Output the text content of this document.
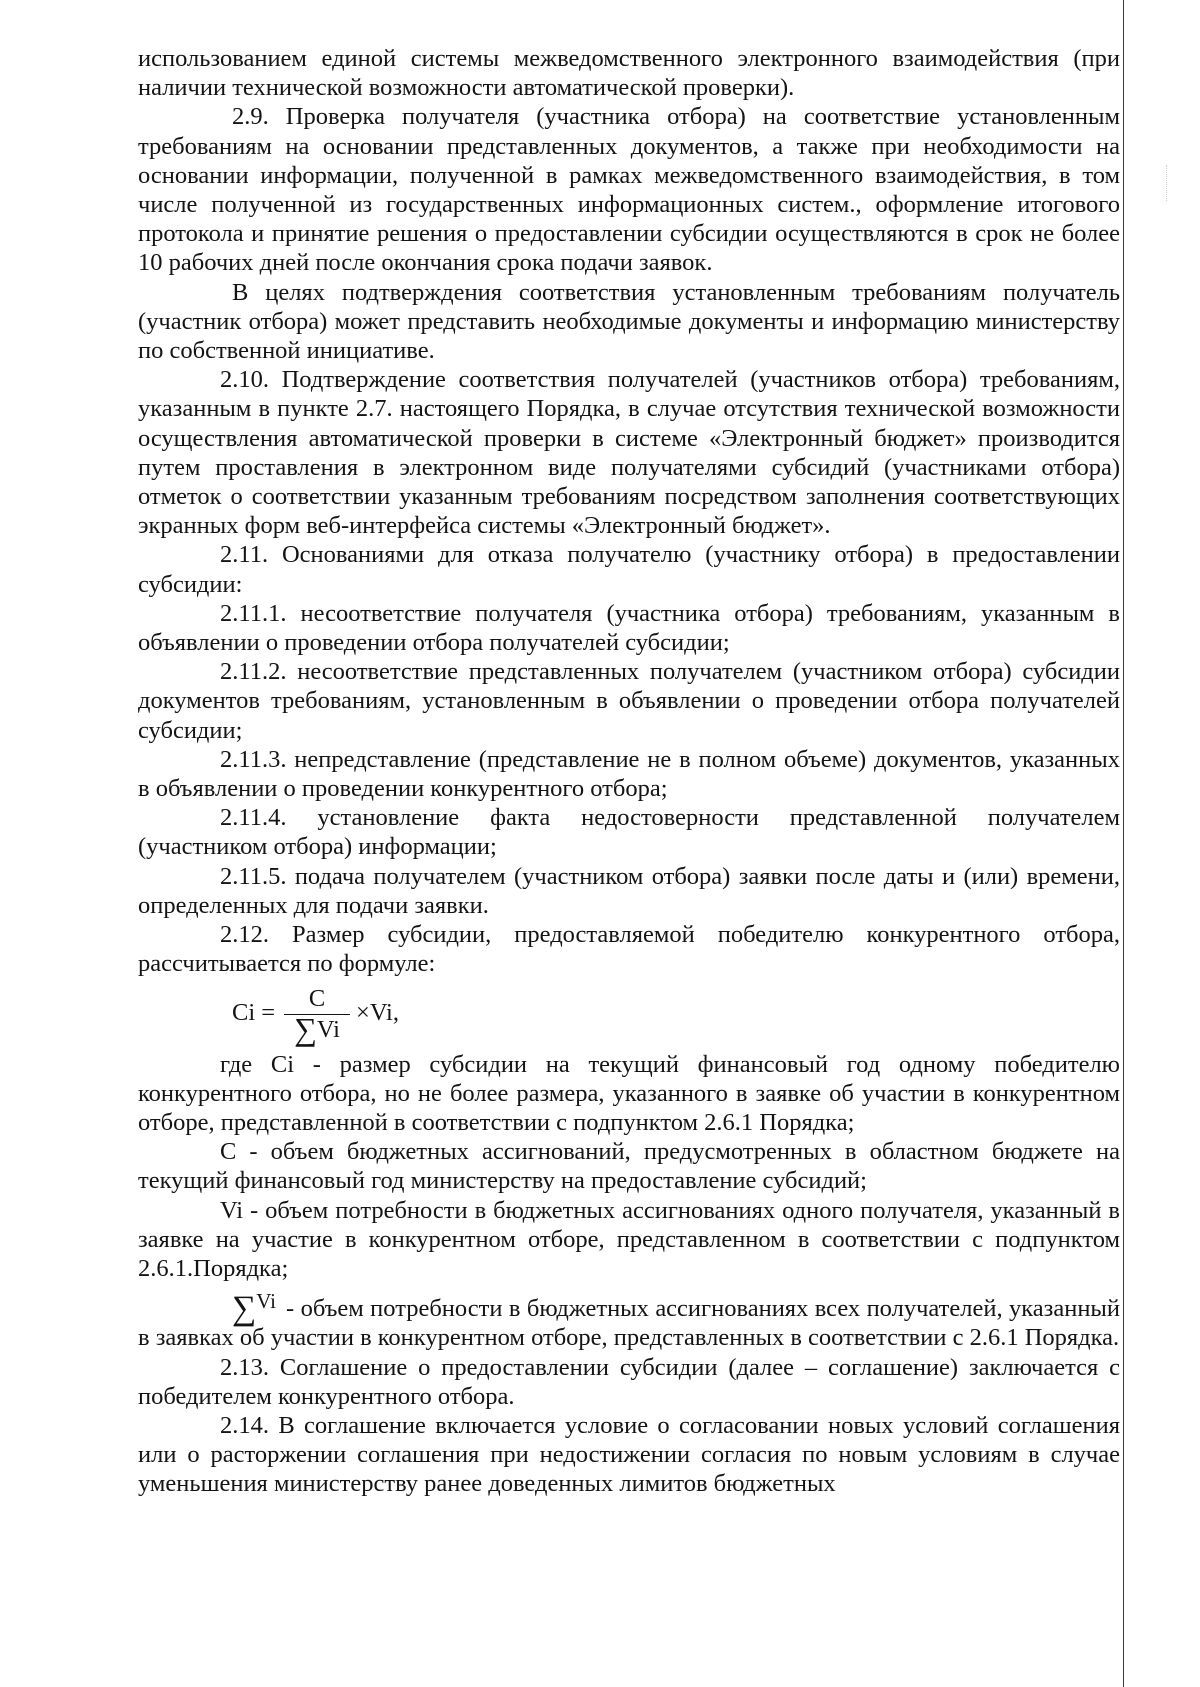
использованием единой системы межведомственного электронного взаимодействия (при наличии технической возможности автоматической проверки).

2.9. Проверка получателя (участника отбора) на соответствие установленным требованиям на основании представленных документов, а также при необходимости на основании информации, полученной в рамках межведомственного взаимодействия, в том числе полученной из государственных информационных систем., оформление итогового протокола и принятие решения о предоставлении субсидии осуществляются в срок не более 10 рабочих дней после окончания срока подачи заявок.

В целях подтверждения соответствия установленным требованиям получатель (участник отбора) может представить необходимые документы и информацию министерству по собственной инициативе.

2.10. Подтверждение соответствия получателей (участников отбора) требованиям, указанным в пункте 2.7. настоящего Порядка, в случае отсутствия технической возможности осуществления автоматической проверки в системе «Электронный бюджет» производится путем проставления в электронном виде получателями субсидий (участниками отбора) отметок о соответствии указанным требованиям посредством заполнения соответствующих экранных форм веб-интерфейса системы «Электронный бюджет».

2.11. Основаниями для отказа получателю (участнику отбора) в предоставлении субсидии:

2.11.1. несоответствие получателя (участника отбора) требованиям, указанным в объявлении о проведении отбора получателей субсидии;

2.11.2. несоответствие представленных получателем (участником отбора) субсидии документов требованиям, установленным в объявлении о проведении отбора получателей субсидии;

2.11.3. непредставление (представление не в полном объеме) документов, указанных в объявлении о проведении конкурентного отбора;

2.11.4. установление факта недостоверности представленной получателем (участником отбора) информации;

2.11.5. подача получателем (участником отбора) заявки после даты и (или) времени, определенных для подачи заявки.

2.12. Размер субсидии, предоставляемой победителю конкурентного отбора, рассчитывается по формуле:

$Ci = \frac{C}{\sum Vi} \times Vi$,

где Ci - размер субсидии на текущий финансовый год одному победителю конкурентного отбора, но не более размера, указанного в заявке об участии в конкурентном отборе, представленной в соответствии с подпунктом 2.6.1 Порядка;

С - объем бюджетных ассигнований, предусмотренных в областном бюджете на текущий финансовый год министерству на предоставление субсидий;

Vi - объем потребности в бюджетных ассигнованиях одного получателя, указанный в заявке на участие в конкурентном отборе, представленном в соответствии с подпунктом 2.6.1.Порядка;

∑Vi - объем потребности в бюджетных ассигнованиях всех получателей, указанный в заявках об участии в конкурентном отборе, представленных в соответствии с 2.6.1 Порядка.

2.13. Соглашение о предоставлении субсидии (далее – соглашение) заключается с победителем конкурентного отбора.

2.14. В соглашение включается условие о согласовании новых условий соглашения или о расторжении соглашения при недостижении согласия по новым условиям в случае уменьшения министерству ранее доведенных лимитов бюджетных
